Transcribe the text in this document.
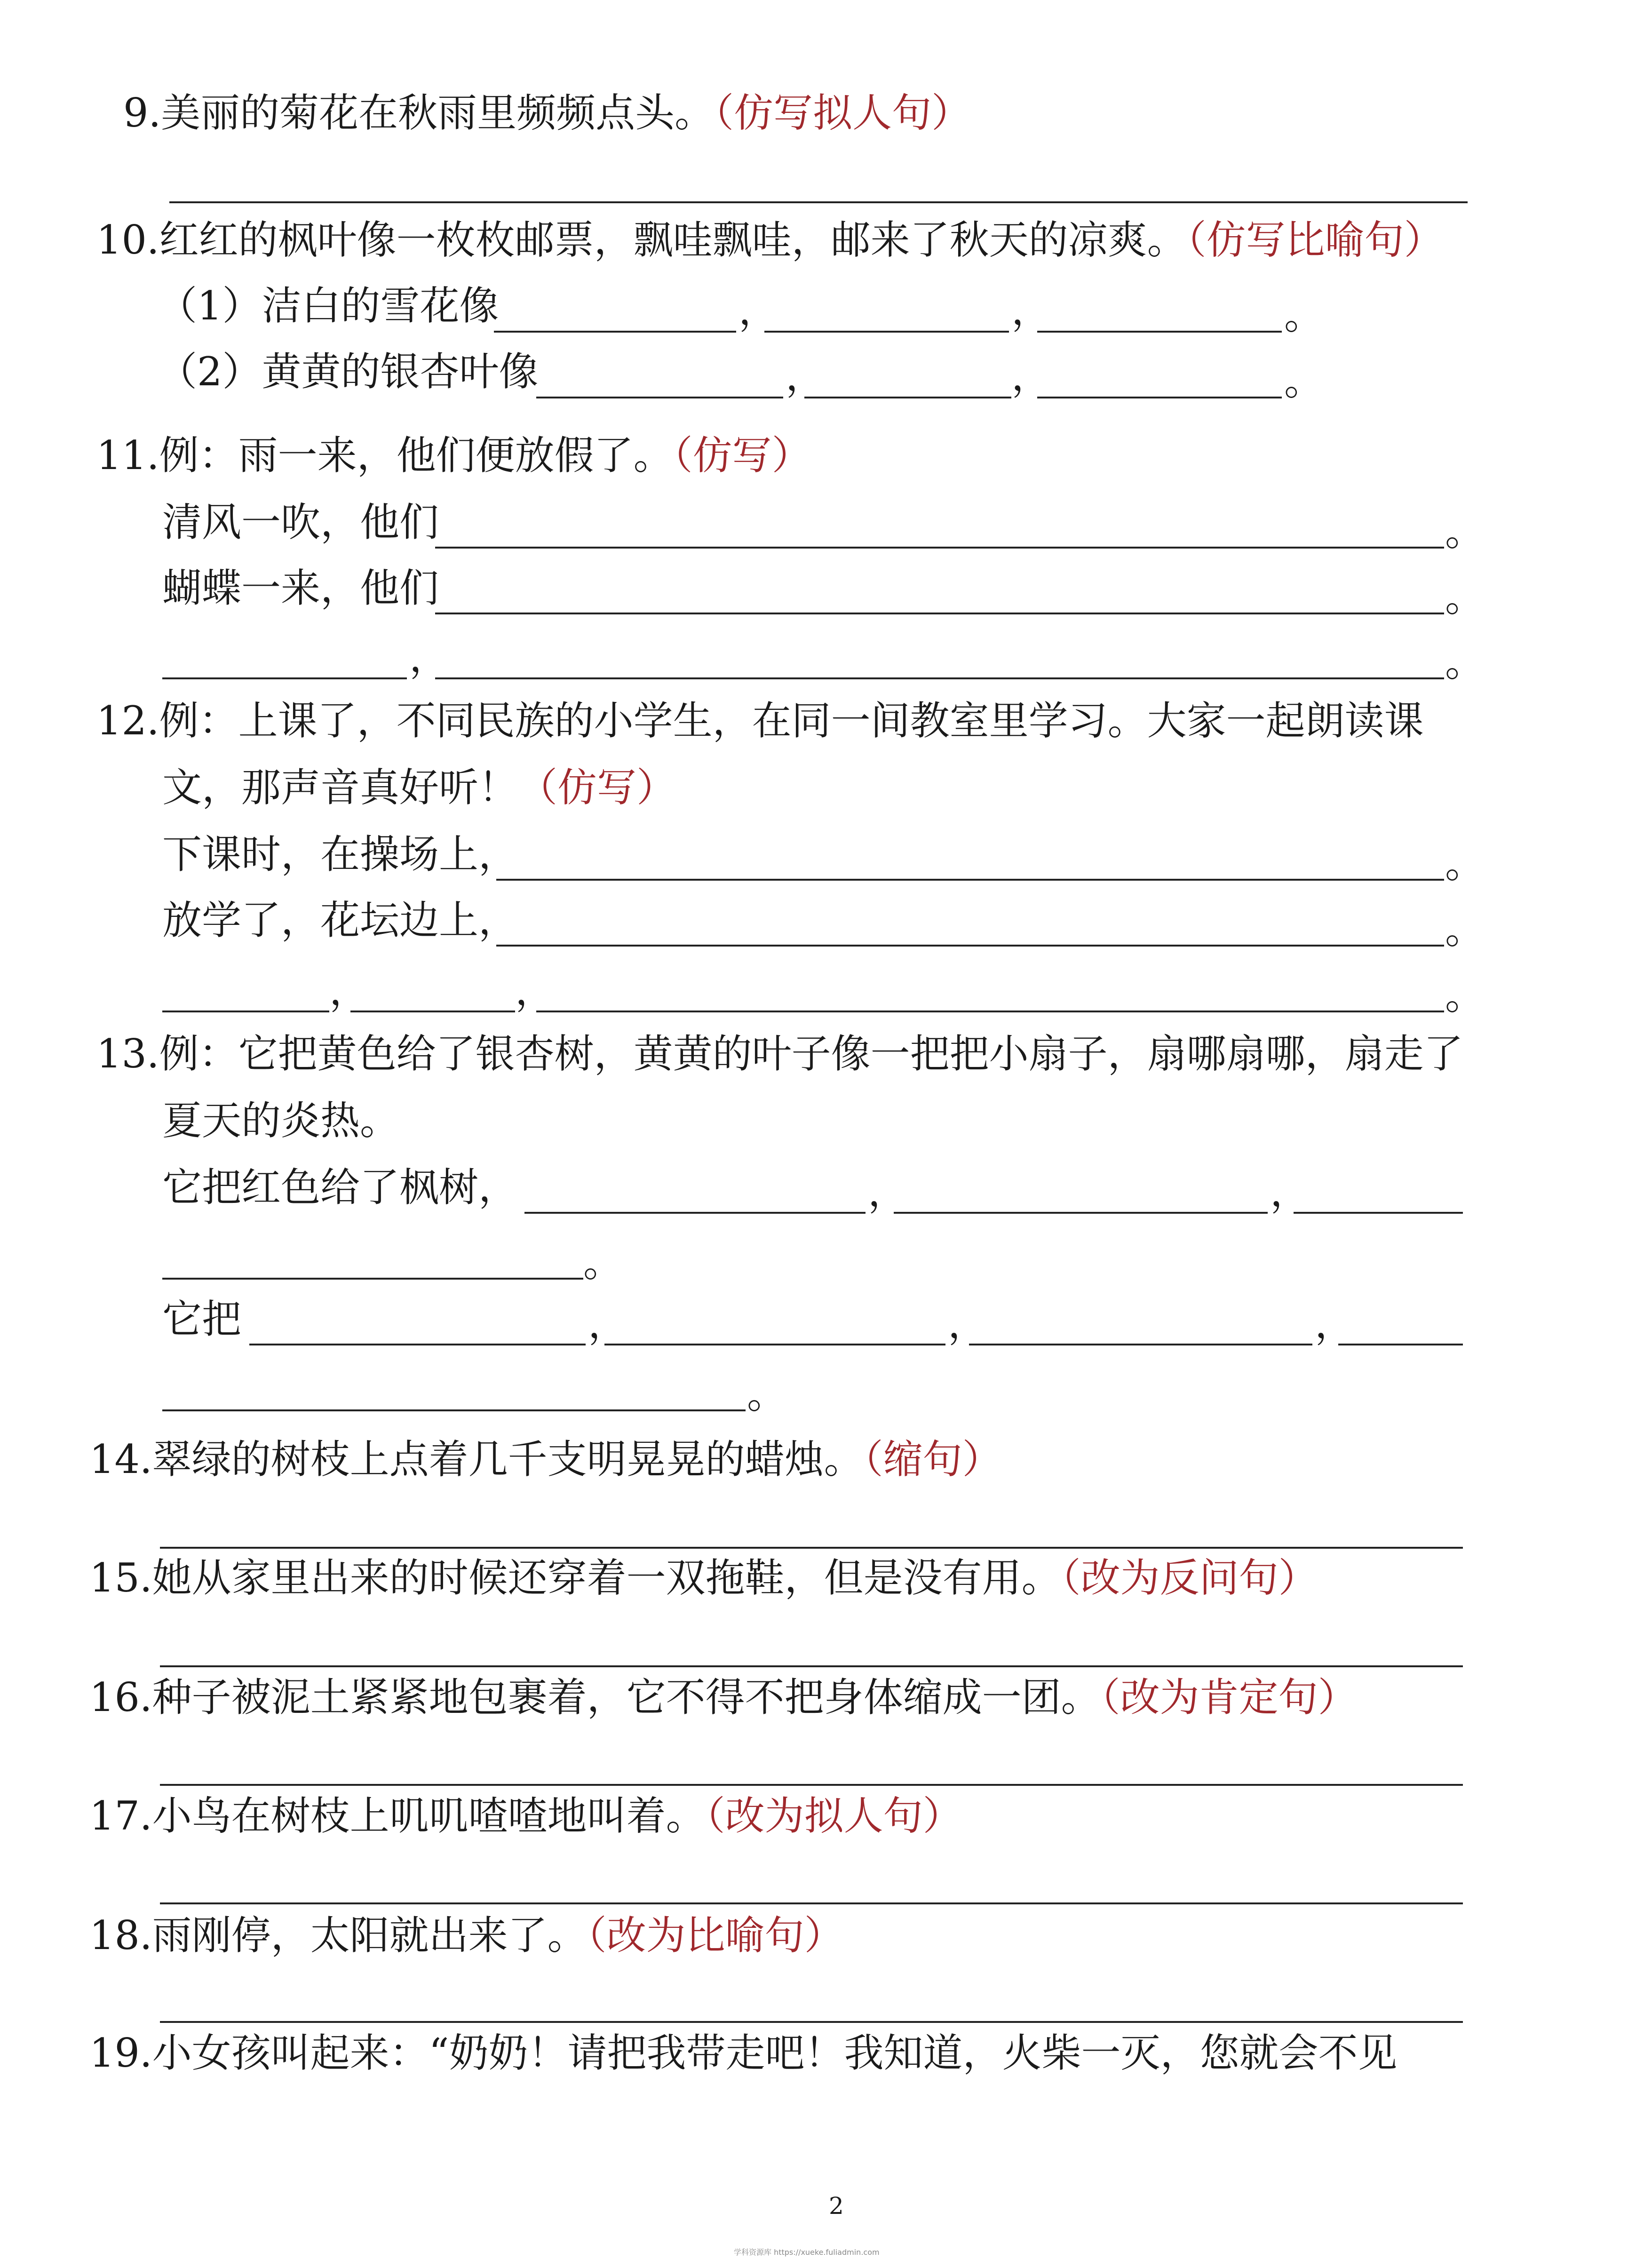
9.美丽的菊花在秋雨里频频点头。（仿写拟人句）
10.红红的枫叶像一枚枚邮票，飘哇飘哇，邮来了秋天的凉爽。（仿写比喻句）
（1）洁白的雪花像	，	，	。
（2）黄黄的银杏叶像	，	，	。
11.例：雨一来，他们便放假了。（仿写）
清风一吹，他们	。
蝴蝶一来，他们	。
，	。
12.例：上课了，不同民族的小学生，在同一间教室里学习。大家一起朗读课
文，那声音真好听！（仿写）
下课时，在操场上，	。
放学了，花坛边上，	。
，	，	。
13.例：它把黄色给了银杏树，黄黄的叶子像一把把小扇子，扇哪扇哪，扇走了
夏天的炎热。
它把红色给了枫树，	，	，
。
它把	，	，	，
。
14.翠绿的树枝上点着几千支明晃晃的蜡烛。（缩句）
15.她从家里出来的时候还穿着一双拖鞋，但是没有用。（改为反问句）
16.种子被泥土紧紧地包裹着，它不得不把身体缩成一团。（改为肯定句）
17.小鸟在树枝上叽叽喳喳地叫着。（改为拟人句）
18.雨刚停，太阳就出来了。（改为比喻句）
19.小女孩叫起来：“奶奶！请把我带走吧！我知道，火柴一灭，您就会不见
2
学科资源库 https://xueke.fuliadmin.com
